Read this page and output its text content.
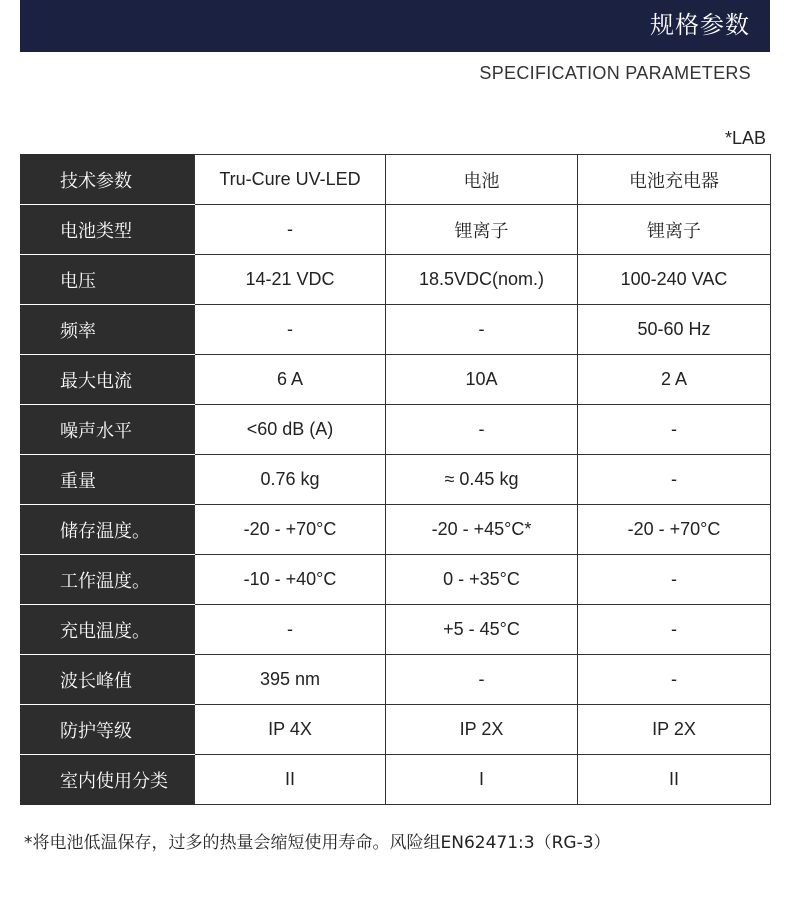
规格参数
SPECIFICATION PARAMETERS
*LAB
技术参数	Tru-Cure UV-LED	电池	电池充电器
电池类型	-	锂离子	锂离子
电压	14-21 VDC	18.5VDC(nom.)	100-240 VAC
频率	-	-	50-60 Hz
最大电流	6 A	10A	2 A
噪声水平	<60 dB (A)	-	-
重量	0.76 kg	≈ 0.45 kg	-
储存温度。	-20 - +70°C	-20 - +45°C*	-20 - +70°C
工作温度。	-10 - +40°C	0 - +35°C	-
充电温度。	-	+5 - 45°C	-
波长峰值	395 nm	-	-
防护等级	IP 4X	IP 2X	IP 2X
室内使用分类	II	I	II
*将电池低温保存，过多的热量会缩短使用寿命。风险组EN62471:3（RG-3）
